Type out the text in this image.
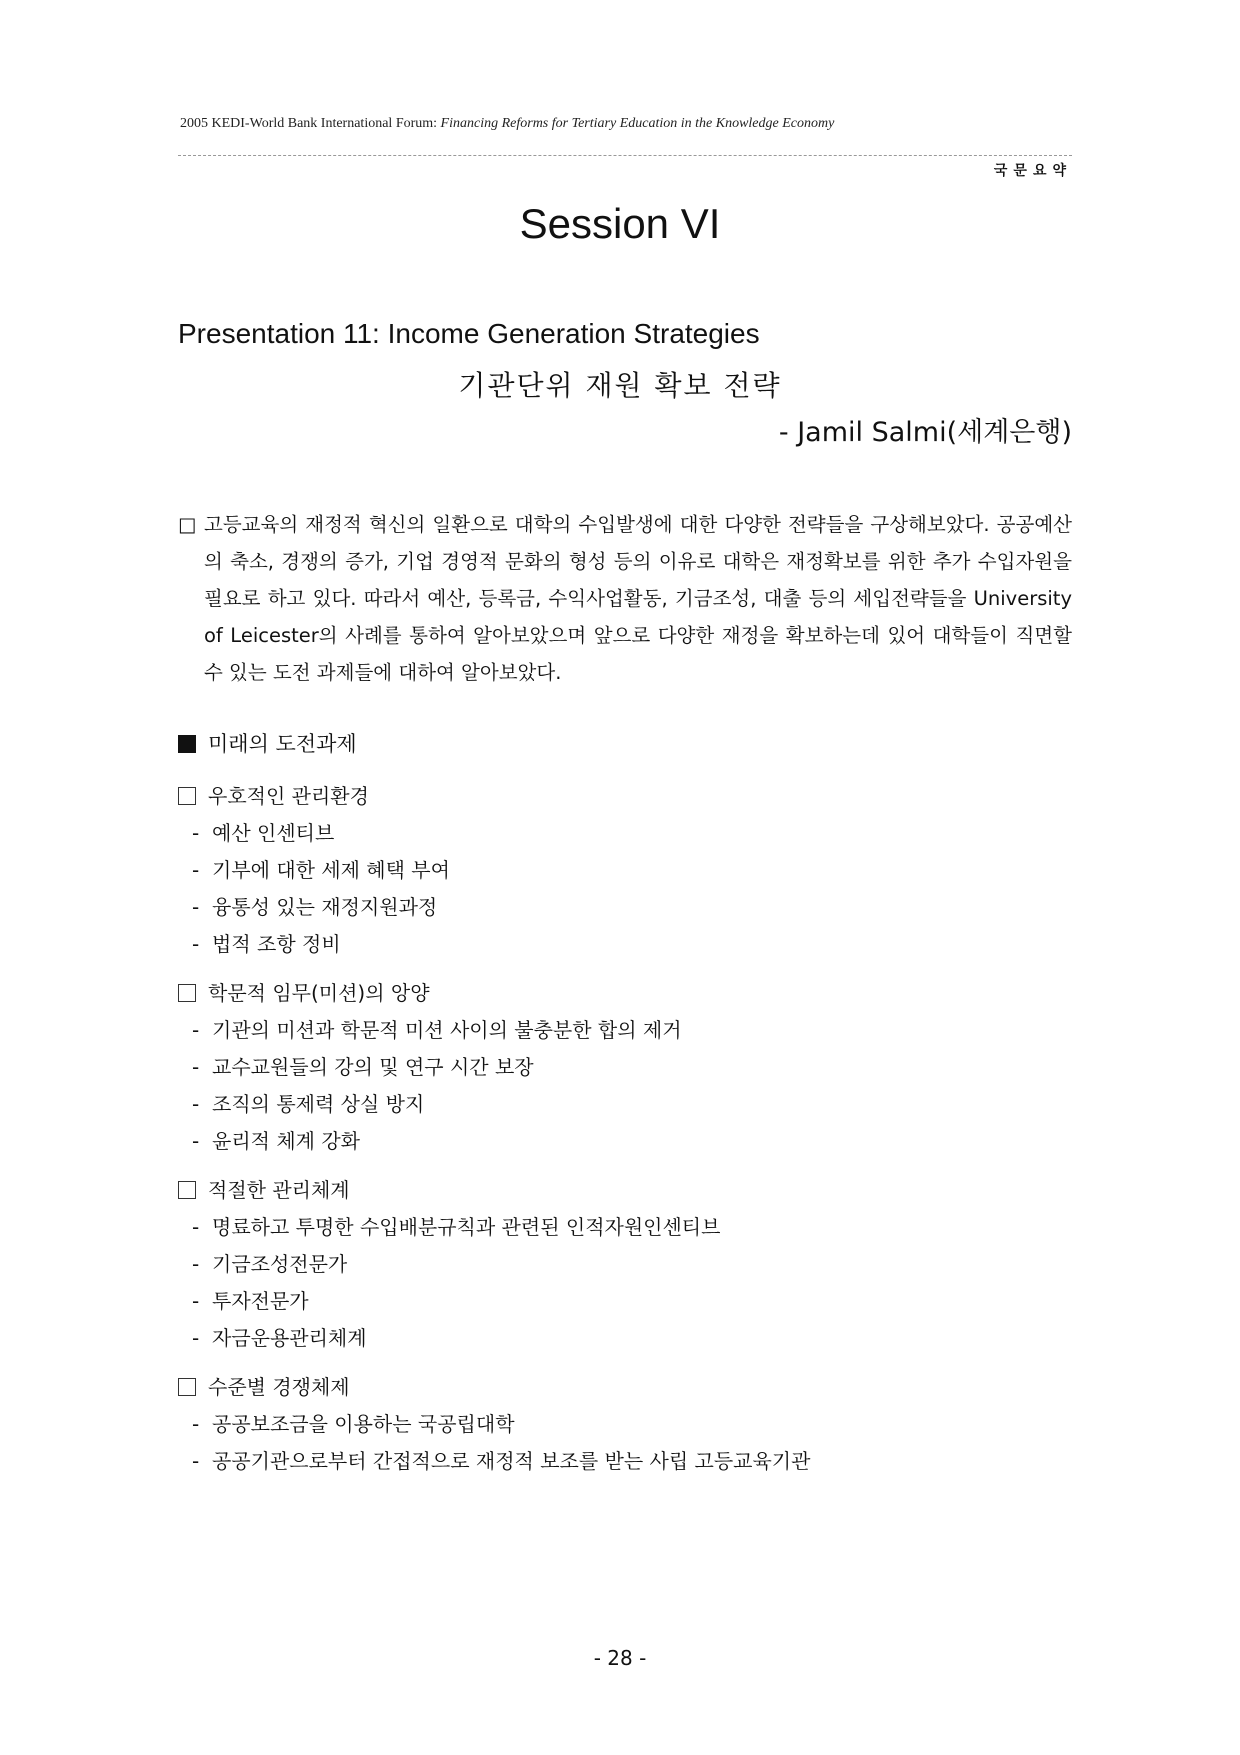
2005 KEDI-World Bank International Forum: Financing Reforms for Tertiary Education in the Knowledge Economy
국문요약
Session VI
Presentation 11: Income Generation Strategies
기관단위 재원 확보 전략
- Jamil Salmi(세계은행)
□ 고등교육의 재정적 혁신의 일환으로 대학의 수입발생에 대한 다양한 전략들을 구상해보았다. 공공예산의 축소, 경쟁의 증가, 기업 경영적 문화의 형성 등의 이유로 대학은 재정확보를 위한 추가 수입자원을 필요로 하고 있다. 따라서 예산, 등록금, 수익사업활동, 기금조성, 대출 등의 세입전략들을 University of Leicester의 사례를 통하여 알아보았으며 앞으로 다양한 재정을 확보하는데 있어 대학들이 직면할 수 있는 도전 과제들에 대하여 알아보았다.
미래의 도전과제
우호적인 관리환경
- 예산 인센티브
- 기부에 대한 세제 혜택 부여
- 융통성 있는 재정지원과정
- 법적 조항 정비
학문적 임무(미션)의 앙양
- 기관의 미션과 학문적 미션 사이의 불충분한 합의 제거
- 교수교원들의 강의 및 연구 시간 보장
- 조직의 통제력 상실 방지
- 윤리적 체계 강화
적절한 관리체계
- 명료하고 투명한 수입배분규칙과 관련된 인적자원인센티브
- 기금조성전문가
- 투자전문가
- 자금운용관리체계
수준별 경쟁체제
- 공공보조금을 이용하는 국공립대학
- 공공기관으로부터 간접적으로 재정적 보조를 받는 사립 고등교육기관
- 28 -
